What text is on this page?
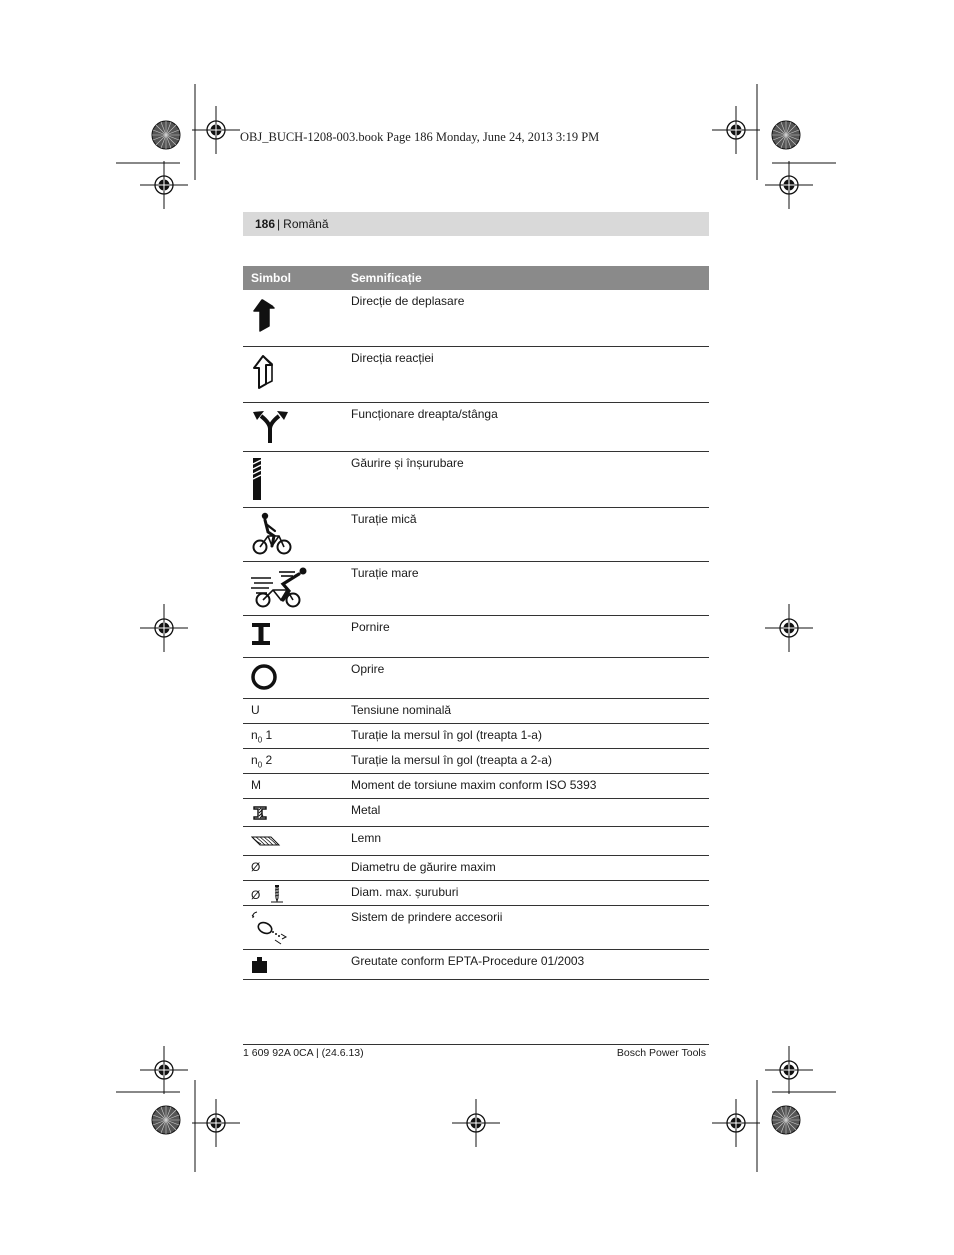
OBJ_BUCH-1208-003.book Page 186 Monday, June 24, 2013 3:19 PM
186 | Română
Simbol	Semnificație
Direcție de deplasare
Direcția reacției
Funcționare dreapta/stânga
Găurire și înșurubare
Turație mică
Turație mare
Pornire
Oprire
U	Tensiune nominală
$n_0$ 1	Turație la mersul în gol (treapta 1-a)
$n_0$ 2	Turație la mersul în gol (treapta a 2-a)
M	Moment de torsiune maxim conform ISO 5393
Metal
Lemn
Ø	Diametru de găurire maxim
Ø	Diam. max. șuruburi
Sistem de prindere accesorii
Greutate conform EPTA-Procedure 01/2003
1 609 92A 0CA | (24.6.13)	Bosch Power Tools
